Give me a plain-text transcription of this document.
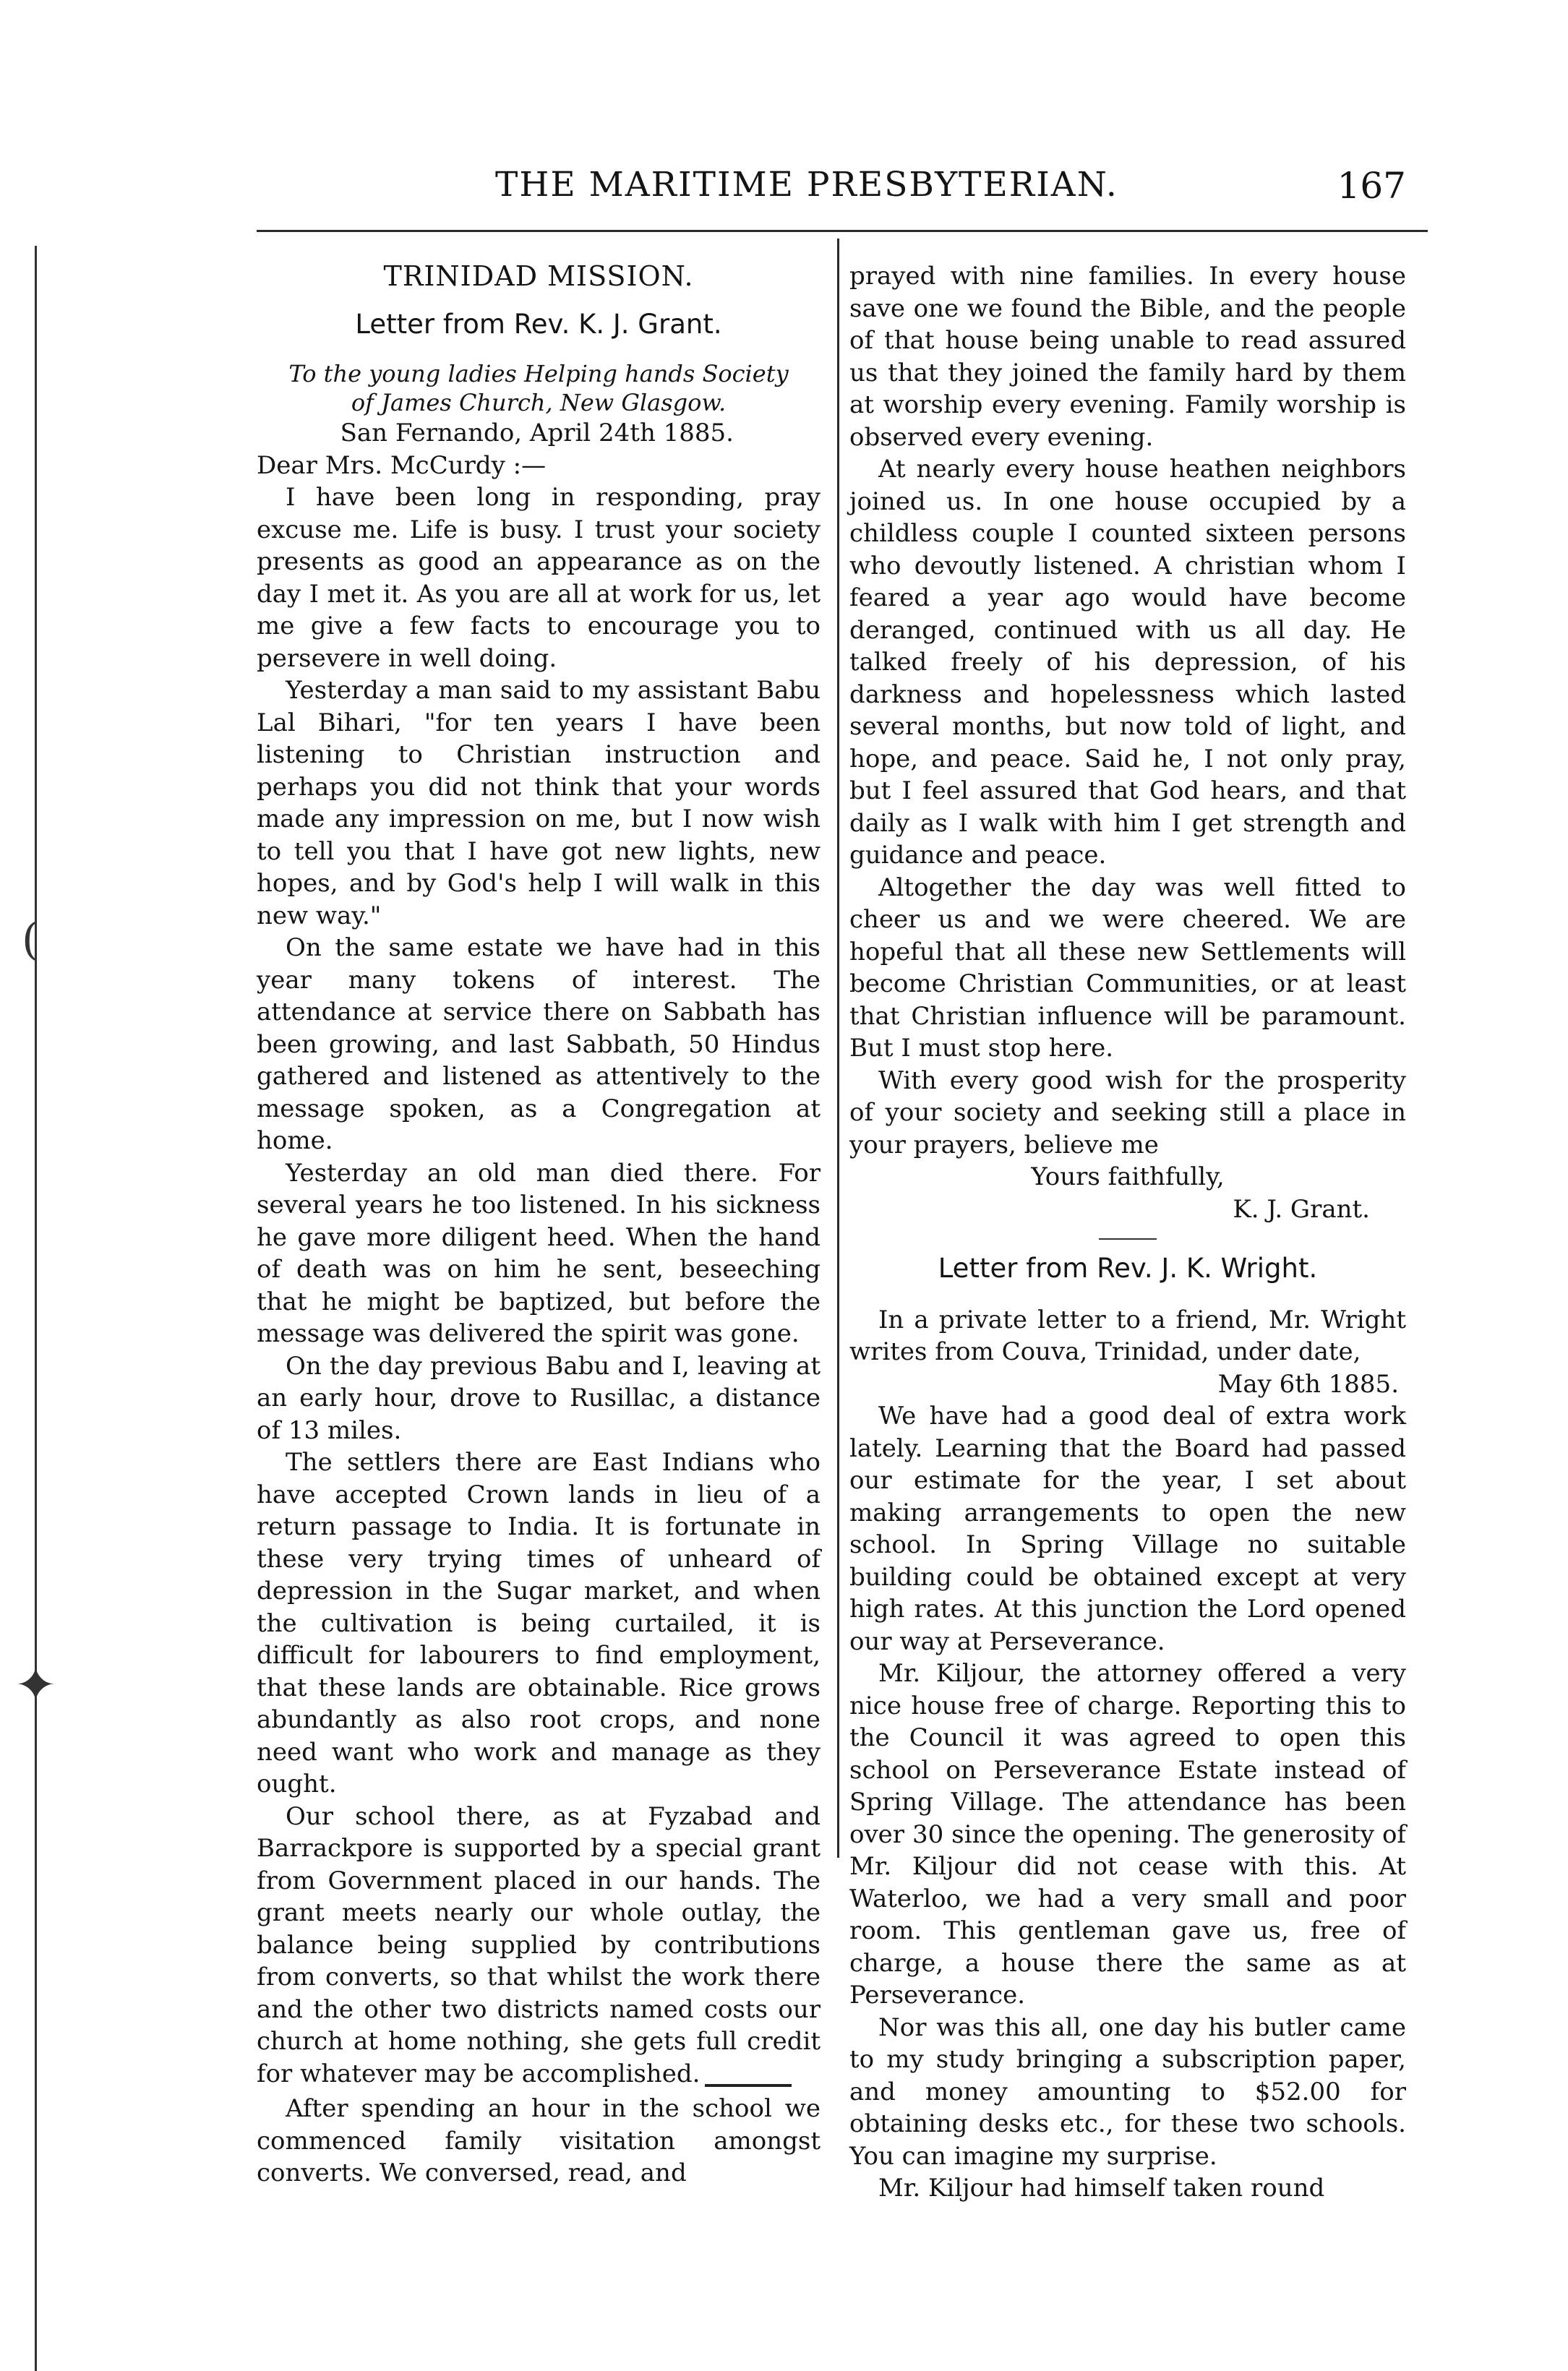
(
✦
THE MARITIME PRESBYTERIAN.	167
TRINIDAD MISSION.
Letter from Rev. K. J. Grant.
To the young ladies Helping hands Society
of James Church, New Glasgow.
San Fernando, April 24th 1885.

Dear Mrs. McCurdy :—

I have been long in responding, pray excuse me. Life is busy. I trust your society presents as good an appearance as on the day I met it. As you are all at work for us, let me give a few facts to encourage you to persevere in well doing.

Yesterday a man said to my assistant Babu Lal Bihari, "for ten years I have been listening to Christian instruction and perhaps you did not think that your words made any impression on me, but I now wish to tell you that I have got new lights, new hopes, and by God's help I will walk in this new way."

On the same estate we have had in this year many tokens of interest. The attendance at service there on Sabbath has been growing, and last Sabbath, 50 Hindus gathered and listened as attentively to the message spoken, as a Congregation at home.

Yesterday an old man died there. For several years he too listened. In his sickness he gave more diligent heed. When the hand of death was on him he sent, beseeching that he might be baptized, but before the message was delivered the spirit was gone.

On the day previous Babu and I, leaving at an early hour, drove to Rusillac, a distance of 13 miles.

The settlers there are East Indians who have accepted Crown lands in lieu of a return passage to India. It is fortunate in these very trying times of unheard of depression in the Sugar market, and when the cultivation is being curtailed, it is difficult for labourers to find employment, that these lands are obtainable. Rice grows abundantly as also root crops, and none need want who work and manage as they ought.

Our school there, as at Fyzabad and Barrackpore is supported by a special grant from Government placed in our hands. The grant meets nearly our whole outlay, the balance being supplied by contributions from converts, so that whilst the work there and the other two districts named costs our church at home nothing, she gets full credit for whatever may be accomplished.

After spending an hour in the school we commenced family visitation amongst converts. We conversed, read, and

prayed with nine families. In every house save one we found the Bible, and the people of that house being unable to read assured us that they joined the family hard by them at worship every evening. Family worship is observed every evening.

At nearly every house heathen neighbors joined us. In one house occupied by a childless couple I counted sixteen persons who devoutly listened. A christian whom I feared a year ago would have become deranged, continued with us all day. He talked freely of his depression, of his darkness and hopelessness which lasted several months, but now told of light, and hope, and peace. Said he, I not only pray, but I feel assured that God hears, and that daily as I walk with him I get strength and guidance and peace.

Altogether the day was well fitted to cheer us and we were cheered. We are hopeful that all these new Settlements will become Christian Communities, or at least that Christian influence will be paramount. But I must stop here.

With every good wish for the prosperity of your society and seeking still a place in your prayers, believe me

Yours faithfully,
K. J. Grant.
Letter from Rev. J. K. Wright.

In a private letter to a friend, Mr. Wright writes from Couva, Trinidad, under date,

May 6th 1885.

We have had a good deal of extra work lately. Learning that the Board had passed our estimate for the year, I set about making arrangements to open the new school. In Spring Village no suitable building could be obtained except at very high rates. At this junction the Lord opened our way at Perseverance.

Mr. Kiljour, the attorney offered a very nice house free of charge. Reporting this to the Council it was agreed to open this school on Perseverance Estate instead of Spring Village. The attendance has been over 30 since the opening. The generosity of Mr. Kiljour did not cease with this. At Waterloo, we had a very small and poor room. This gentleman gave us, free of charge, a house there the same as at Perseverance.

Nor was this all, one day his butler came to my study bringing a subscription paper, and money amounting to $52.00 for obtaining desks etc., for these two schools. You can imagine my surprise.

Mr. Kiljour had himself taken round
